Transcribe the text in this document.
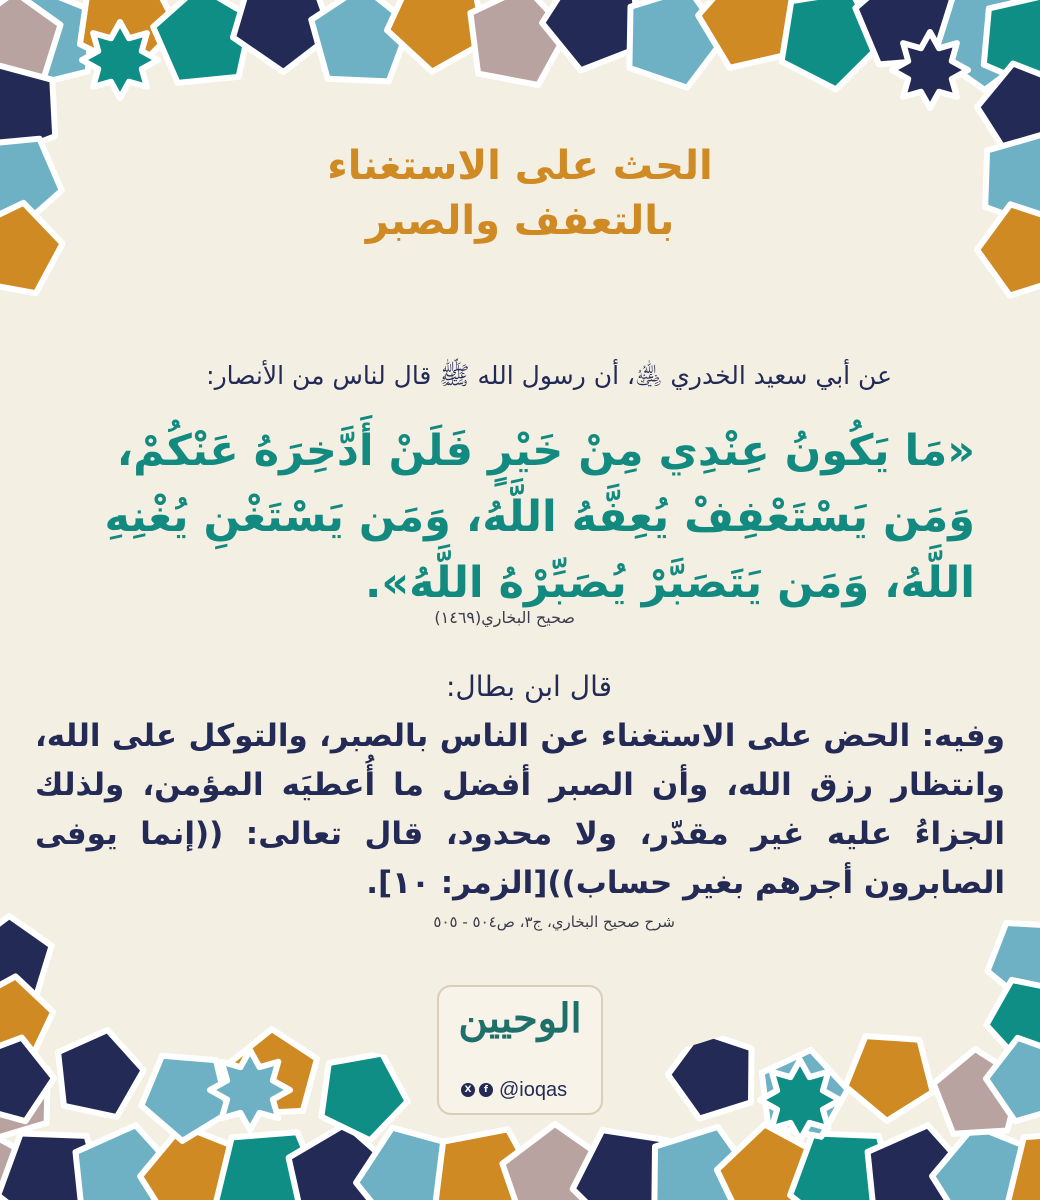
الحث على الاستغناء
بالتعفف والصبر
عن أبي سعيد الخدري ﵁، أن رسول الله ﷺ قال لناس من الأنصار:
«مَا يَكُونُ عِنْدِي مِنْ خَيْرٍ فَلَنْ أَدَّخِرَهُ عَنْكُمْ، وَمَن يَسْتَعْفِفْ يُعِفَّهُ اللَّهُ، وَمَن يَسْتَغْنِ يُغْنِهِ اللَّهُ، وَمَن يَتَصَبَّرْ يُصَبِّرْهُ اللَّهُ».
صحيح البخاري(١٤٦٩)
قال ابن بطال:
وفيه: الحض على الاستغناء عن الناس بالصبر، والتوكل على الله، وانتظار رزق الله، وأن الصبر أفضل ما أُعطيَه المؤمن، ولذلك الجزاءُ عليه غير مقدّر، ولا محدود، قال تعالى: ((إنما يوفى الصابرون أجرهم بغير حساب))[الزمر: ١٠].
شرح صحيح البخاري، ج٣، ص٥٠٤ - ٥٠٥
الوحيين
X	f @ioqas
